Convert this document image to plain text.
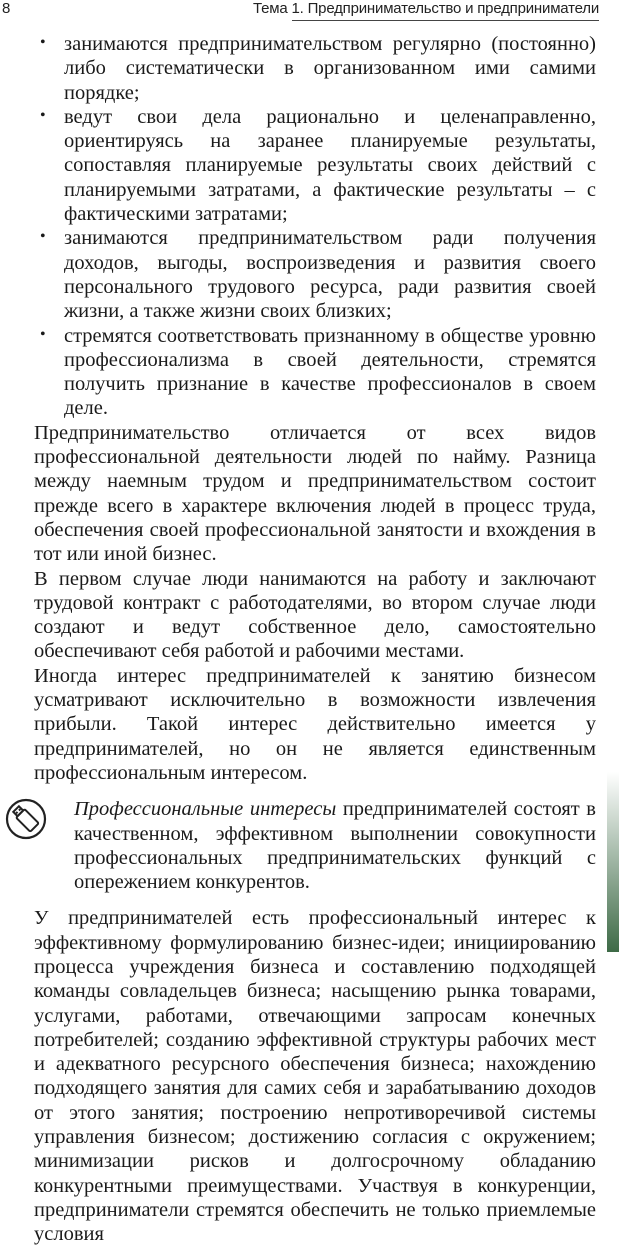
8	Тема 1. Предпринимательство и предприниматели
• занимаются предпринимательством регулярно (постоянно) либо систематически в организованном ими самими порядке;
• ведут свои дела рационально и целенаправленно, ориентируясь на заранее планируемые результаты, сопоставляя планируемые результаты своих действий с планируемыми затратами, а фактические результаты – с фактическими затратами;
• занимаются предпринимательством ради получения доходов, выгоды, воспроизведения и развития своего персонального трудового ресурса, ради развития своей жизни, а также жизни своих близких;
• стремятся соответствовать признанному в обществе уровню профессионализма в своей деятельности, стремятся получить признание в качестве профессионалов в своем деле.

Предпринимательство отличается от всех видов профессиональной деятельности людей по найму. Разница между наемным трудом и предпринимательством состоит прежде всего в характере включения людей в процесс труда, обеспечения своей профессиональной занятости и вхождения в тот или иной бизнес.

В первом случае люди нанимаются на работу и заключают трудовой контракт с работодателями, во втором случае люди создают и ведут собственное дело, самостоятельно обеспечивают себя работой и рабочими местами.

Иногда интерес предпринимателей к занятию бизнесом усматривают исключительно в возможности извлечения прибыли. Такой интерес действительно имеется у предпринимателей, но он не является единственным профессиональным интересом.

Профессиональные интересы предпринимателей состоят в качественном, эффективном выполнении совокупности профессиональных предпринимательских функций с опережением конкурентов.

У предпринимателей есть профессиональный интерес к эффективному формулированию бизнес-идеи; инициированию процесса учреждения бизнеса и составлению подходящей команды совладельцев бизнеса; насыщению рынка товарами, услугами, работами, отвечающими запросам конечных потребителей; созданию эффективной структуры рабочих мест и адекватного ресурсного обеспечения бизнеса; нахождению подходящего занятия для самих себя и зарабатыванию доходов от этого занятия; построению непротиворечивой системы управления бизнесом; достижению согласия с окружением; минимизации рисков и долгосрочному обладанию конкурентными преимуществами. Участвуя в конкуренции, предприниматели стремятся обеспечить не только приемлемые условия
